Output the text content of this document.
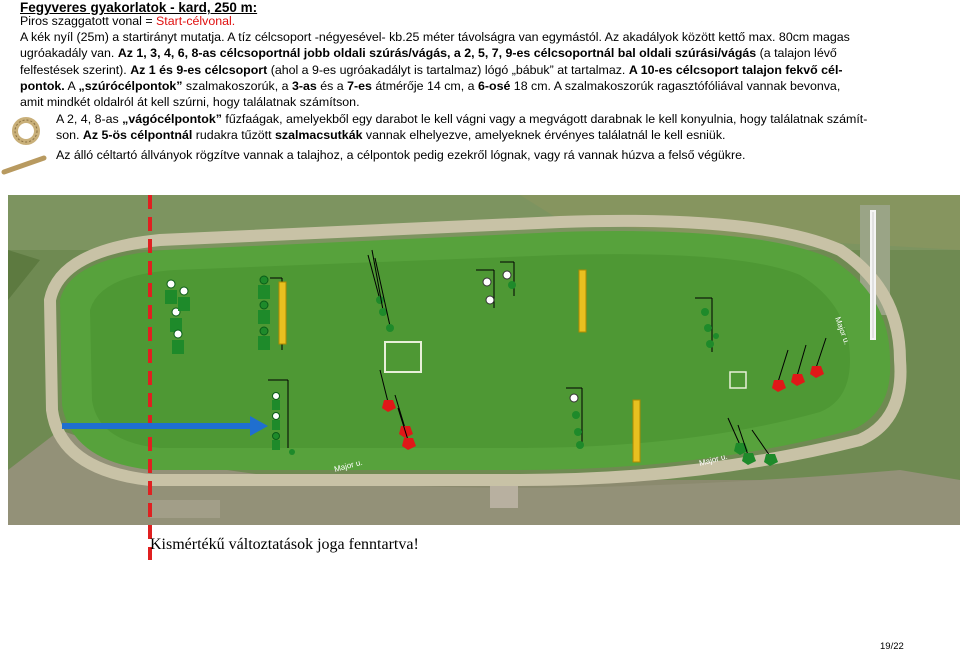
Fegyveres gyakorlatok - kard, 250 m:
Piros szaggatott vonal = Start-célvonal.
A kék nyíl (25m) a startirányt mutatja. A tíz célcsoport -négyesével- kb.25 méter távolságra van egymástól. Az akadályok között kettő max. 80cm magas
ugróakadály van. Az 1, 3, 4, 6, 8-as célcsoportnál jobb oldali szúrás/vágás, a 2, 5, 7, 9-es célcsoportnál bal oldali szúrási/vágás (a talajon lévő
felfestések szerint). Az 1 és 9-es célcsoport (ahol a 9-es ugróakadályt is tartalmaz) lógó „bábuk” at tartalmaz. A 10-es célcsoport talajon fekvő cél-
pontok. A „szúrócélpontok” szalmakoszorúk, a 3-as és a 7-es átmérője 14 cm, a 6-osé 18 cm. A szalmakoszorúk ragasztófóliával vannak bevonva,
amit mindkét oldalról át kell szúrni, hogy találatnak számítson.
A 2, 4, 8-as „vágócélpontok” fűzfaágak, amelyekből egy darabot le kell vágni vagy a megvágott darabnak le kell konyulnia, hogy találatnak számít-
son. Az 5-ös célpontnál rudakra tűzött szalmacsutkák vannak elhelyezve, amelyeknek érvényes találatnál le kell esniük.
Az álló céltartó állványok rögzítve vannak a talajhoz, a célpontok pedig ezekről lógnak, vagy rá vannak húzva a felső végükre.
Major u.
Major u.	Major u.
Kismértékű változtatások joga fenntartva!
19/22
